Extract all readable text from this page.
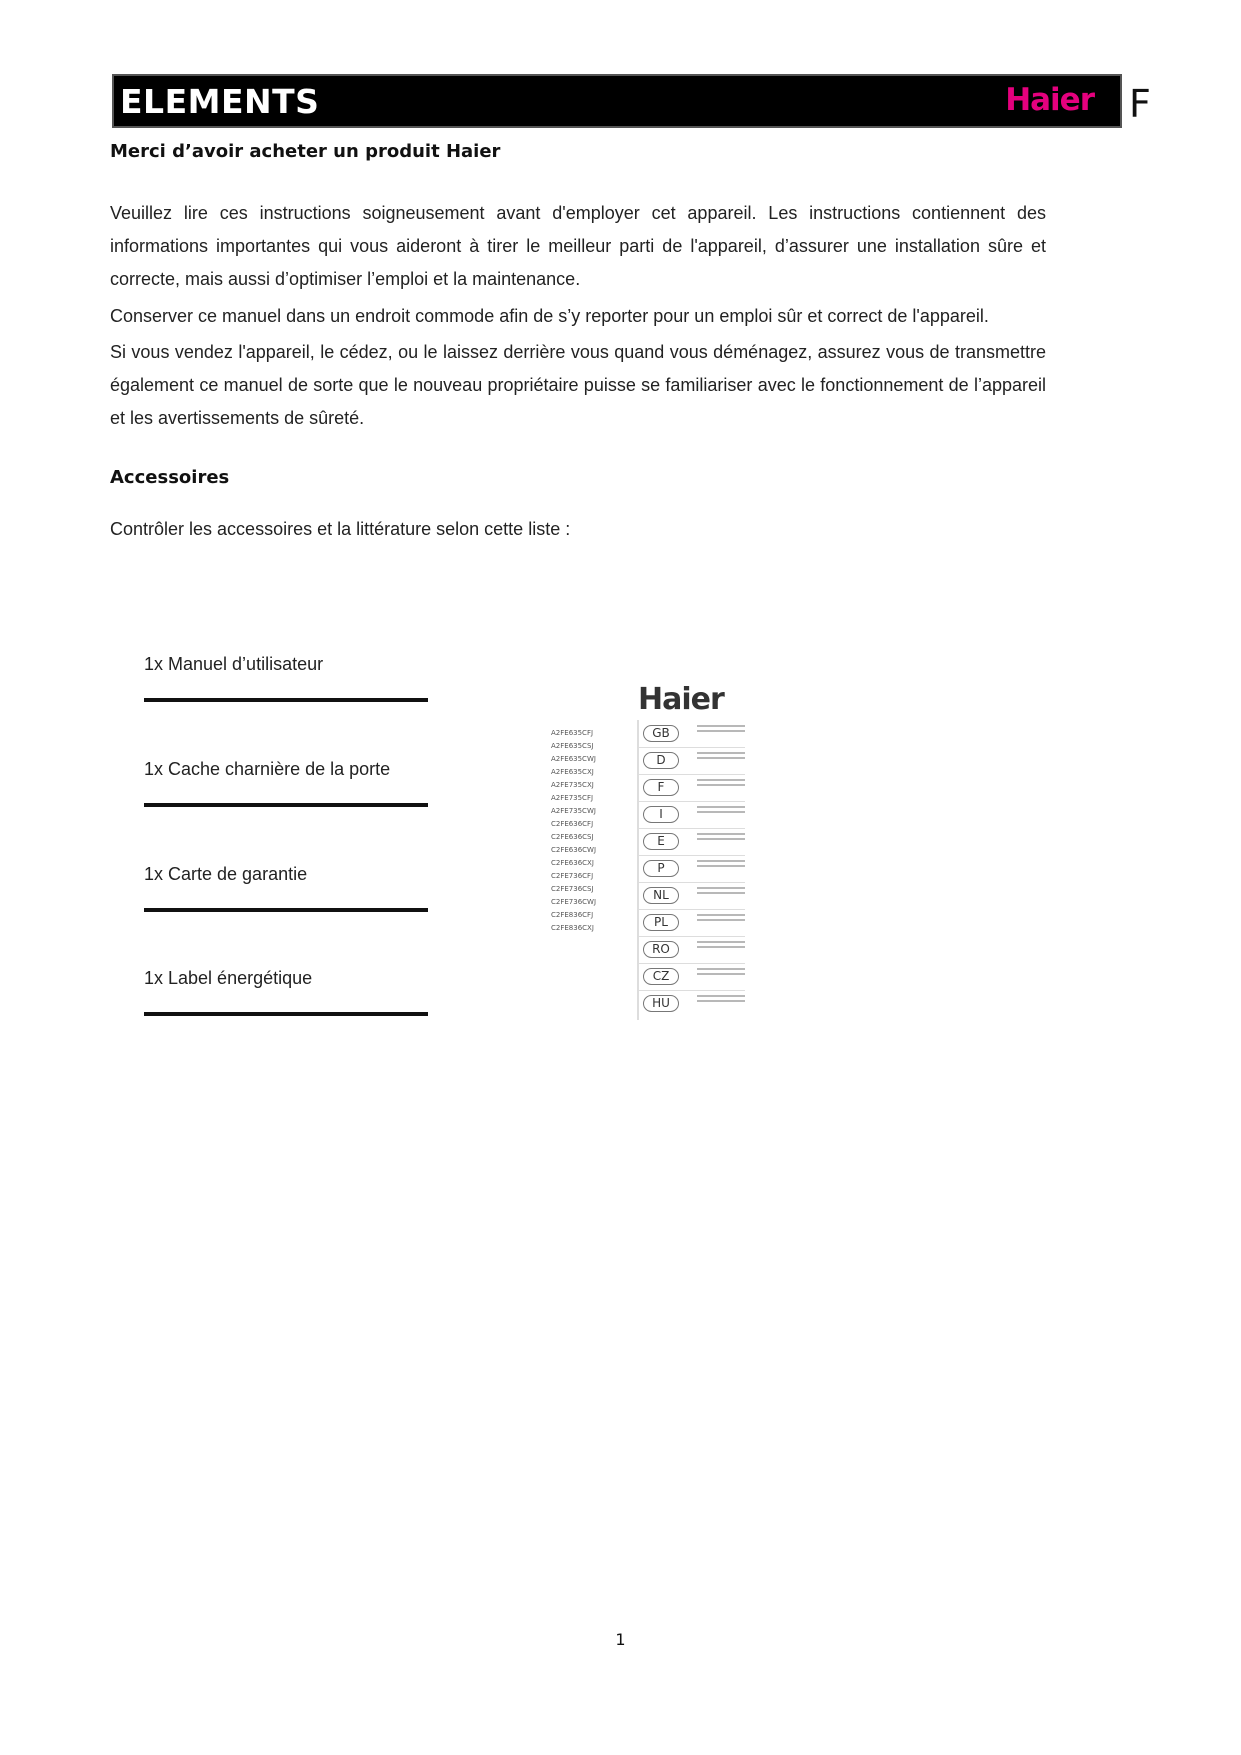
ELEMENTS	Haier F
Merci d’avoir acheter un produit Haier

Veuillez lire ces instructions soigneusement avant d'employer cet appareil. Les instructions contiennent des informations importantes qui vous aideront à tirer le meilleur parti de l'appareil, d’assurer une installation sûre et correcte, mais aussi d’optimiser l’emploi et la maintenance.

Conserver ce manuel dans un endroit commode afin de s’y reporter pour un emploi sûr et correct de l'appareil.

Si vous vendez l'appareil, le cédez, ou le laissez derrière vous quand vous déménagez, assurez vous de transmettre également ce manuel de sorte que le nouveau propriétaire puisse se familiariser avec le fonctionnement de l’appareil et les avertissements de sûreté.

Accessoires
Contrôler les accessoires et la littérature selon cette liste :
1x Manuel d’utilisateur
1x Cache charnière de la porte
1x Carte de garantie
1x Label énergétique
Haier
A2FE635CFJ
A2FE635CSJ
A2FE635CWJ
A2FE635CXJ
A2FE735CXJ
A2FE735CFJ
A2FE735CWJ
C2FE636CFJ
C2FE636CSJ
C2FE636CWJ
C2FE636CXJ
C2FE736CFJ
C2FE736CSJ
C2FE736CWJ
C2FE836CFJ
C2FE836CXJ
GB
D
F
I
E
P
NL
PL
RO
CZ
HU
1
